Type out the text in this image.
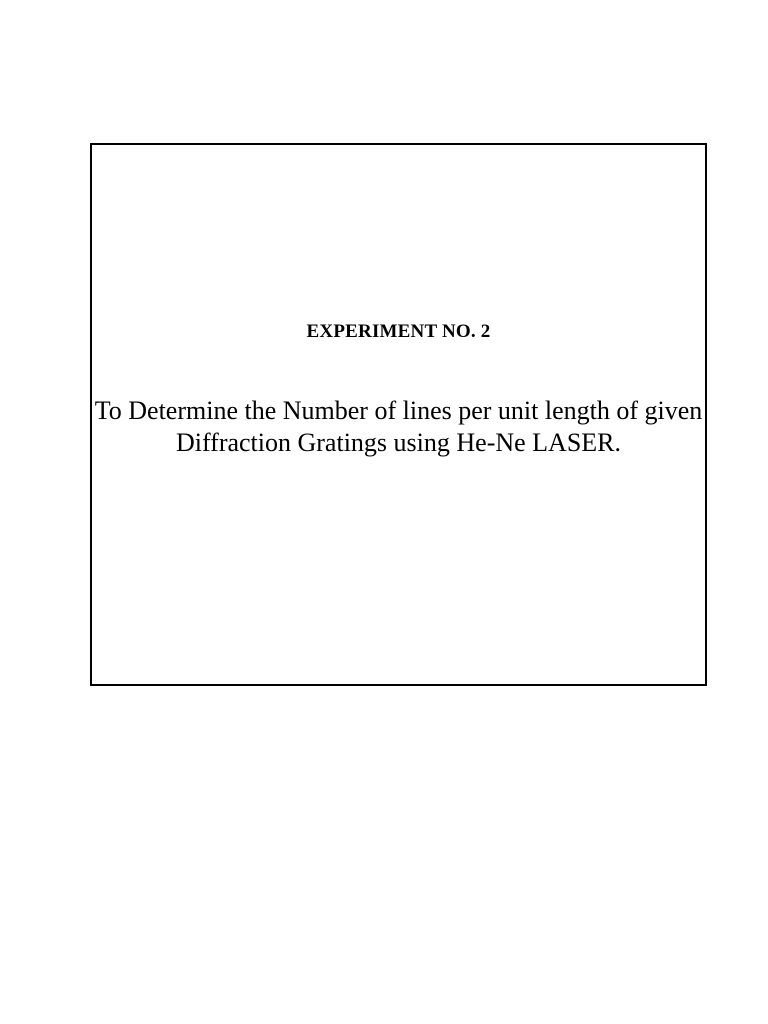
EXPERIMENT NO. 2
To Determine the Number of lines per unit length of given
Diffraction Gratings using He-Ne LASER.
